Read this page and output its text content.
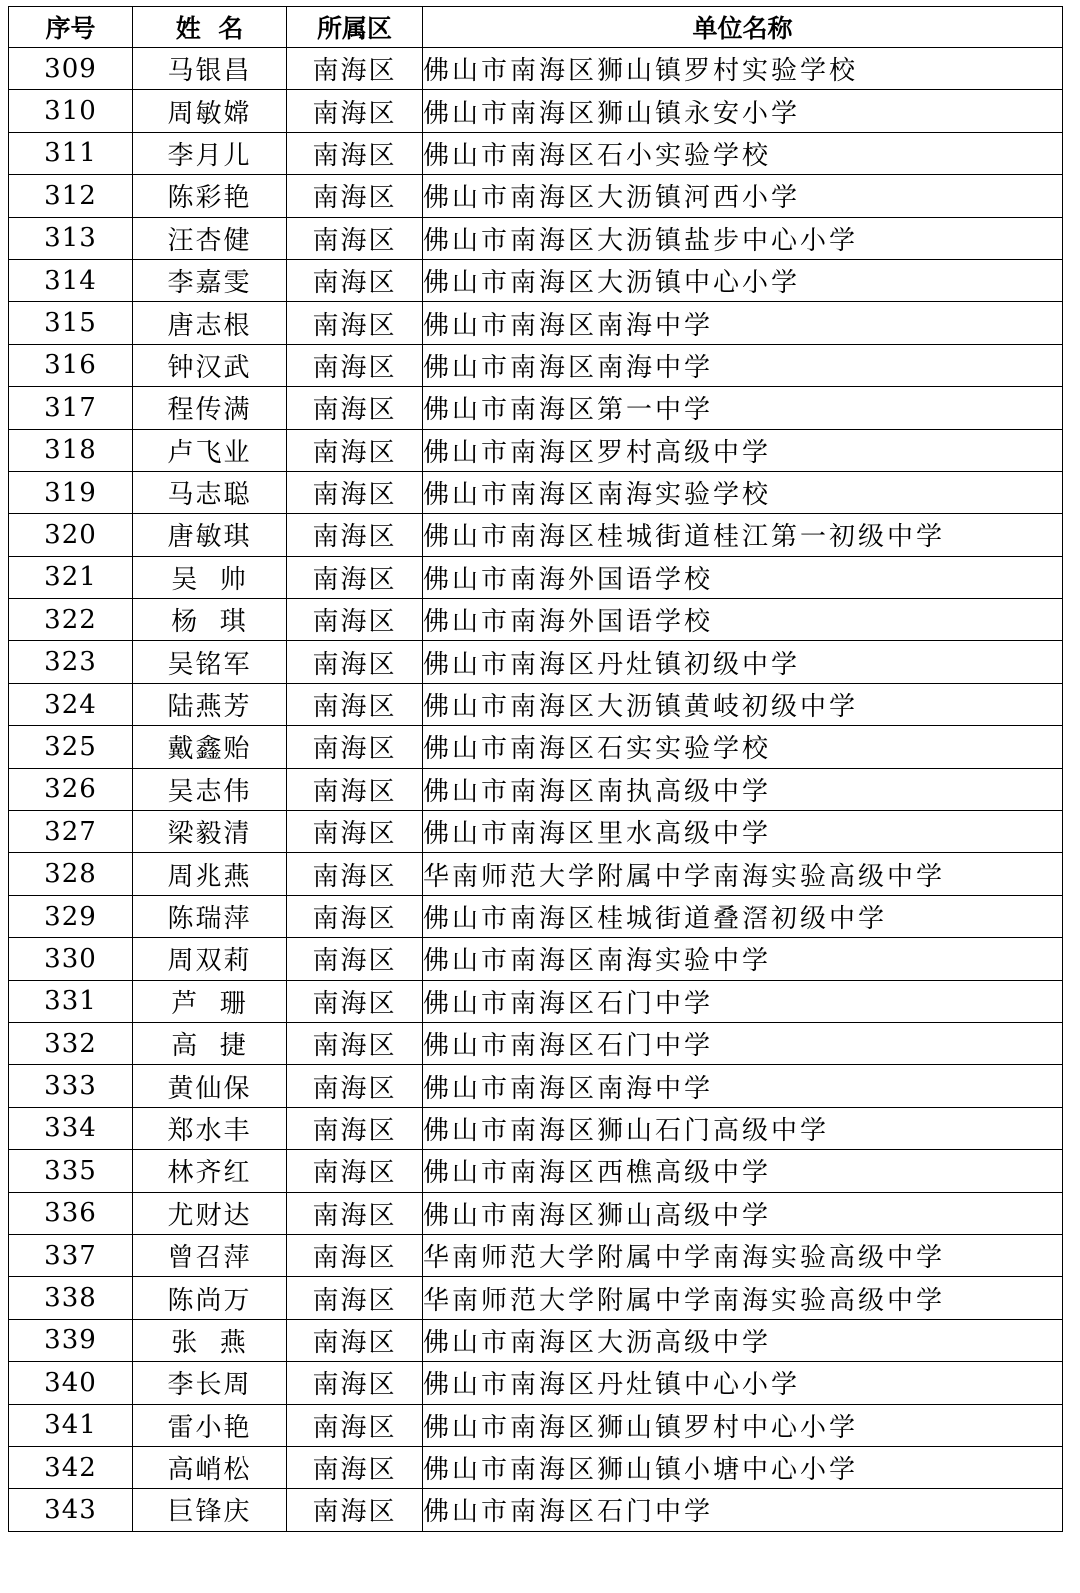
序号	姓  名	所属区	单位名称
309	马银昌	南海区	佛山市南海区狮山镇罗村实验学校
310	周敏嫦	南海区	佛山市南海区狮山镇永安小学
311	李月儿	南海区	佛山市南海区石小实验学校
312	陈彩艳	南海区	佛山市南海区大沥镇河西小学
313	汪杏健	南海区	佛山市南海区大沥镇盐步中心小学
314	李嘉雯	南海区	佛山市南海区大沥镇中心小学
315	唐志根	南海区	佛山市南海区南海中学
316	钟汉武	南海区	佛山市南海区南海中学
317	程传满	南海区	佛山市南海区第一中学
318	卢飞业	南海区	佛山市南海区罗村高级中学
319	马志聪	南海区	佛山市南海区南海实验学校
320	唐敏琪	南海区	佛山市南海区桂城街道桂江第一初级中学
321	吴  帅	南海区	佛山市南海外国语学校
322	杨  琪	南海区	佛山市南海外国语学校
323	吴铭军	南海区	佛山市南海区丹灶镇初级中学
324	陆燕芳	南海区	佛山市南海区大沥镇黄岐初级中学
325	戴鑫贻	南海区	佛山市南海区石实实验学校
326	吴志伟	南海区	佛山市南海区南执高级中学
327	梁毅清	南海区	佛山市南海区里水高级中学
328	周兆燕	南海区	华南师范大学附属中学南海实验高级中学
329	陈瑞萍	南海区	佛山市南海区桂城街道叠滘初级中学
330	周双莉	南海区	佛山市南海区南海实验中学
331	芦  珊	南海区	佛山市南海区石门中学
332	高  捷	南海区	佛山市南海区石门中学
333	黄仙保	南海区	佛山市南海区南海中学
334	郑水丰	南海区	佛山市南海区狮山石门高级中学
335	林齐红	南海区	佛山市南海区西樵高级中学
336	尤财达	南海区	佛山市南海区狮山高级中学
337	曾召萍	南海区	华南师范大学附属中学南海实验高级中学
338	陈尚万	南海区	华南师范大学附属中学南海实验高级中学
339	张  燕	南海区	佛山市南海区大沥高级中学
340	李长周	南海区	佛山市南海区丹灶镇中心小学
341	雷小艳	南海区	佛山市南海区狮山镇罗村中心小学
342	高峭松	南海区	佛山市南海区狮山镇小塘中心小学
343	巨锋庆	南海区	佛山市南海区石门中学
